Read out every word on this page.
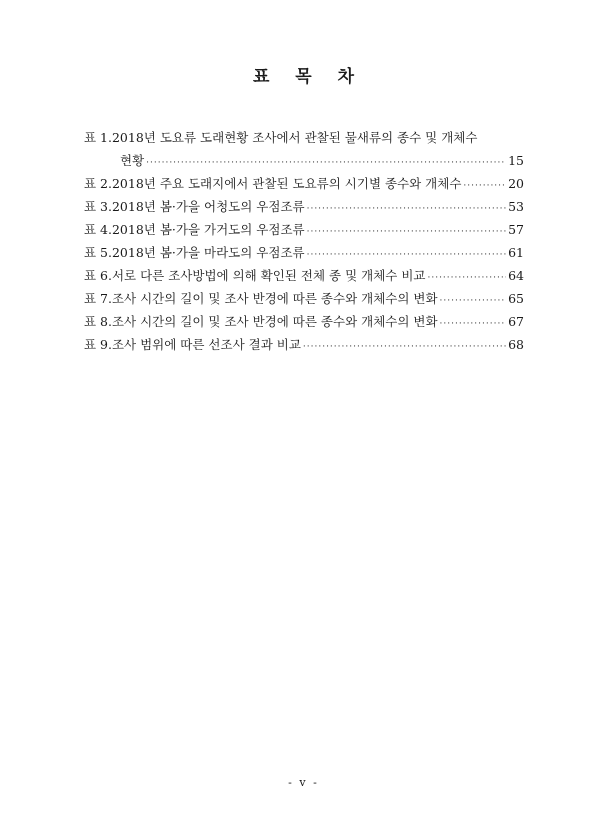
표 목 차
표 1. 2018년 도요류 도래현황 조사에서 관찰된 물새류의 종수 및 개체수
현황 ·····	15
표 2. 2018년 주요 도래지에서 관찰된 도요류의 시기별 종수와 개체수 ·····	20
표 3. 2018년 봄·가을 어청도의 우점조류 ·····	53
표 4. 2018년 봄·가을 가거도의 우점조류 ·····	57
표 5. 2018년 봄·가을 마라도의 우점조류 ·····	61
표 6. 서로 다른 조사방법에 의해 확인된 전체 종 및 개체수 비교 ·····	64
표 7. 조사 시간의 길이 및 조사 반경에 따른 종수와 개체수의 변화 ·····	65
표 8. 조사 시간의 길이 및 조사 반경에 따른 종수와 개체수의 변화 ·····	67
표 9. 조사 범위에 따른 선조사 결과 비교 ·····	68
- v -
